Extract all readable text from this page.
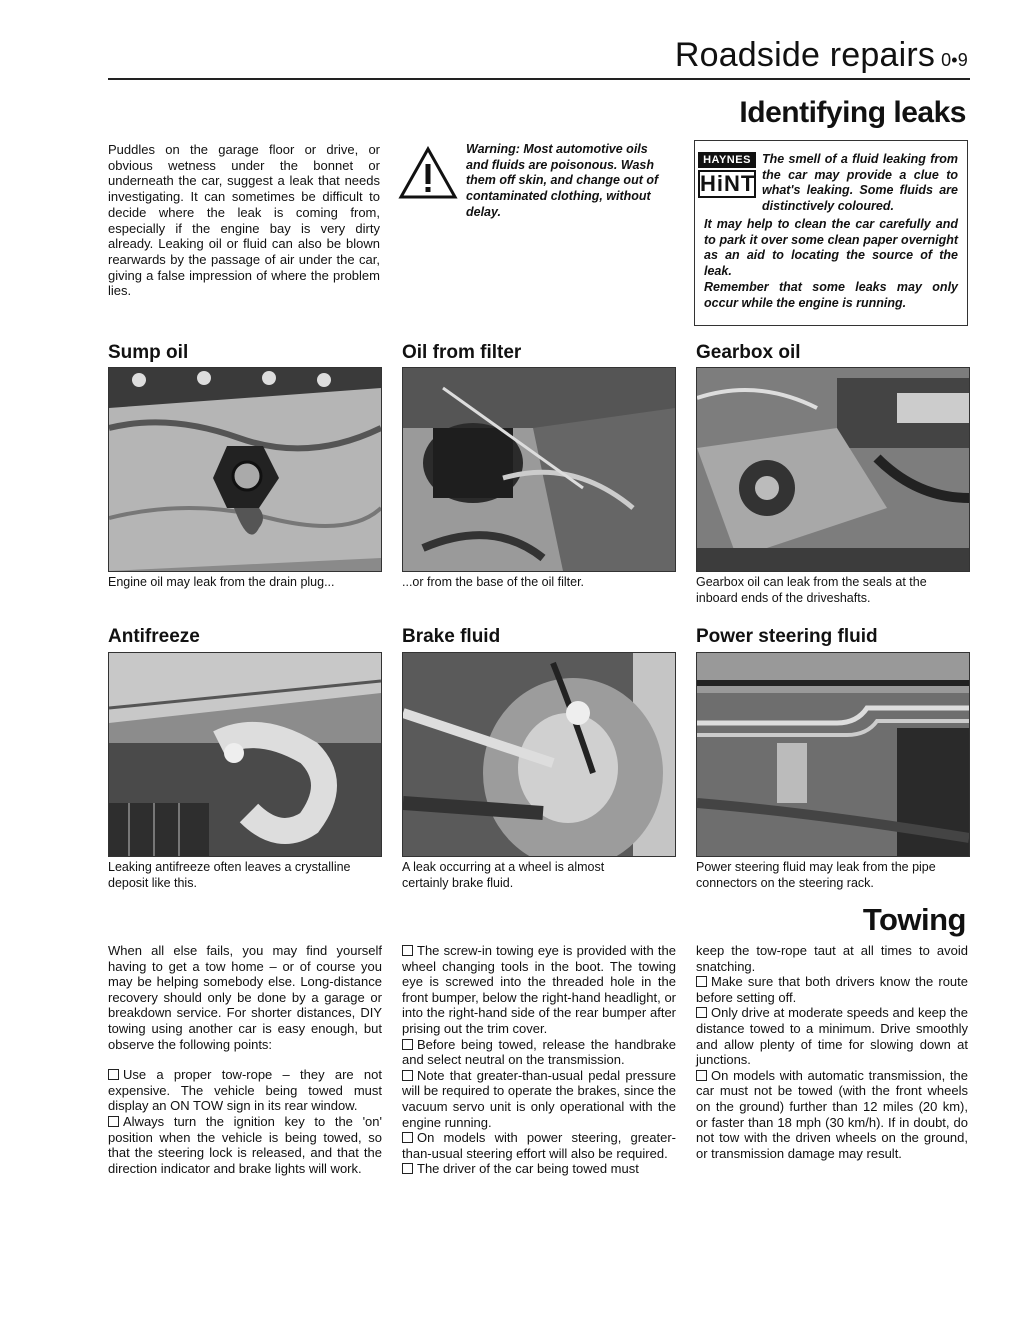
Roadside repairs 0•9
Identifying leaks
Puddles on the garage floor or drive, or obvious wetness under the bonnet or underneath the car, suggest a leak that needs investigating. It can sometimes be difficult to decide where the leak is coming from, especially if the engine bay is very dirty already. Leaking oil or fluid can also be blown rearwards by the passage of air under the car, giving a false impression of where the problem lies.
Warning: Most automotive oils and fluids are poisonous. Wash them off skin, and change out of contaminated clothing, without delay.
HAYNES
HiNT
The smell of a fluid leaking from the car may provide a clue to what's leaking. Some fluids are distinctively coloured.
It may help to clean the car carefully and to park it over some clean paper overnight as an aid to locating the source of the leak.
Remember that some leaks may only occur while the engine is running.
Sump oil	Oil from filter	Gearbox oil
Engine oil may leak from the drain plug...	...or from the base of the oil filter.	Gearbox oil can leak from the seals at the inboard ends of the driveshafts.
Antifreeze	Brake fluid	Power steering fluid
Leaking antifreeze often leaves a crystalline deposit like this.
A leak occurring at a wheel is almost certainly brake fluid.
Power steering fluid may leak from the pipe connectors on the steering rack.
Towing

When all else fails, you may find yourself having to get a tow home – or of course you may be helping somebody else. Long-distance recovery should only be done by a garage or breakdown service. For shorter distances, DIY towing using another car is easy enough, but observe the following points:

Use a proper tow-rope – they are not expensive. The vehicle being towed must display an ON TOW sign in its rear window.

Always turn the ignition key to the 'on' position when the vehicle is being towed, so that the steering lock is released, and that the direction indicator and brake lights will work.

The screw-in towing eye is provided with the wheel changing tools in the boot. The towing eye is screwed into the threaded hole in the front bumper, below the right-hand headlight, or into the right-hand side of the rear bumper after prising out the trim cover.

Before being towed, release the handbrake and select neutral on the transmission.

Note that greater-than-usual pedal pressure will be required to operate the brakes, since the vacuum servo unit is only operational with the engine running.

On models with power steering, greater-than-usual steering effort will also be required.

The driver of the car being towed must

keep the tow-rope taut at all times to avoid snatching.

Make sure that both drivers know the route before setting off.

Only drive at moderate speeds and keep the distance towed to a minimum. Drive smoothly and allow plenty of time for slowing down at junctions.

On models with automatic transmission, the car must not be towed (with the front wheels on the ground) further than 12 miles (20 km), or faster than 18 mph (30 km/h). If in doubt, do not tow with the driven wheels on the ground, or transmission damage may result.
